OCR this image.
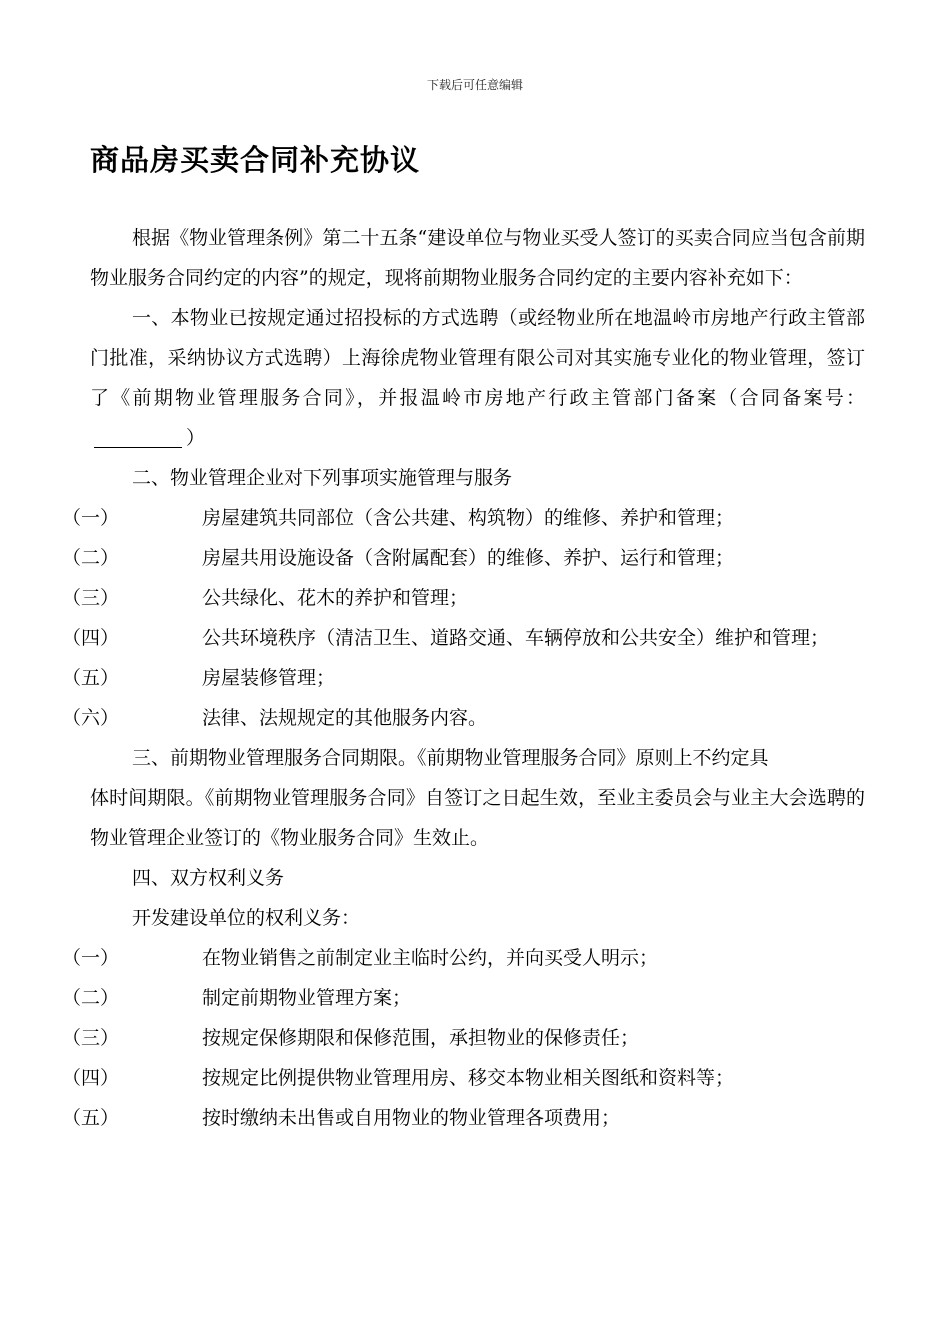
下载后可任意编辑
商品房买卖合同补充协议

根据《物业管理条例》第二十五条“建设单位与物业买受人签订的买卖合同应当包含前期物业服务合同约定的内容”的规定，现将前期物业服务合同约定的主要内容补充如下：

一、本物业已按规定通过招投标的方式选聘（或经物业所在地温岭市房地产行政主管部门批准，采纳协议方式选聘）上海徐虎物业管理有限公司对其实施专业化的物业管理，签订了《前期物业管理服务合同》，并报温岭市房地产行政主管部门备案（合同备案号：）

二、物业管理企业对下列事项实施管理与服务

（一）	房屋建筑共同部位（含公共建、构筑物）的维修、养护和管理；
（二）	房屋共用设施设备（含附属配套）的维修、养护、运行和管理；
（三）	公共绿化、花木的养护和管理；
（四）	公共环境秩序（清洁卫生、道路交通、车辆停放和公共安全）维护和管理；
（五）	房屋装修管理；
（六）	法律、法规规定的其他服务内容。

三、前期物业管理服务合同期限。《前期物业管理服务合同》原则上不约定具

体时间期限。《前期物业管理服务合同》自签订之日起生效，至业主委员会与业主大会选聘的物业管理企业签订的《物业服务合同》生效止。

四、双方权利义务

开发建设单位的权利义务：

（一）	在物业销售之前制定业主临时公约，并向买受人明示；
（二）	制定前期物业管理方案；
（三）	按规定保修期限和保修范围，承担物业的保修责任；
（四）	按规定比例提供物业管理用房、移交本物业相关图纸和资料等；
（五）	按时缴纳未出售或自用物业的物业管理各项费用；
